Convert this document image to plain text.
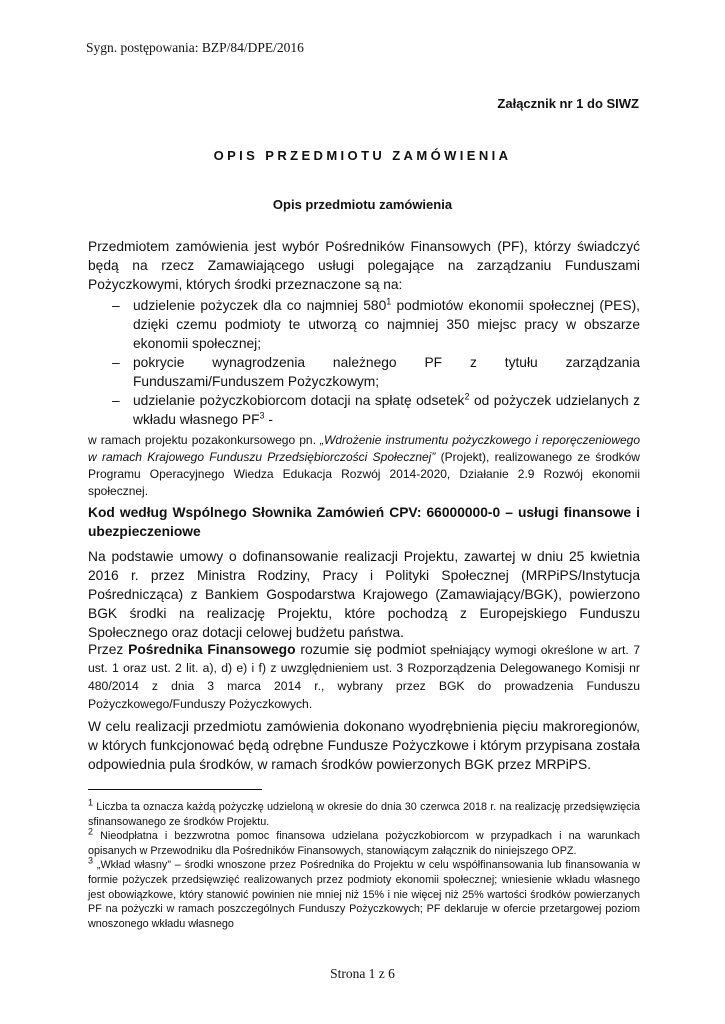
Sygn. postępowania: BZP/84/DPE/2016
Załącznik nr 1 do SIWZ
OPIS PRZEDMIOTU ZAMÓWIENIA
Opis przedmiotu zamówienia
Przedmiotem zamówienia jest wybór Pośredników Finansowych (PF), którzy świadczyć będą na rzecz Zamawiającego usługi polegające na zarządzaniu Funduszami Pożyczkowymi, których środki przeznaczone są na:
– udzielenie pożyczek dla co najmniej $580^1$ podmiotów ekonomii społecznej (PES), dzięki czemu podmioty te utworzą co najmniej 350 miejsc pracy w obszarze ekonomii społecznej;
– pokrycie wynagrodzenia należnego PF z tytułu zarządzania Funduszami/Funduszem Pożyczkowym;
– udzielanie pożyczkobiorcom dotacji na spłatę odsetek$^2$ od pożyczek udzielanych z wkładu własnego $PF^3$ -
w ramach projektu pozakonkursowego pn. „Wdrożenie instrumentu pożyczkowego i reporęczeniowego w ramach Krajowego Funduszu Przedsiębiorczości Społecznej” (Projekt), realizowanego ze środków Programu Operacyjnego Wiedza Edukacja Rozwój 2014-2020, Działanie 2.9 Rozwój ekonomii społecznej.
Kod według Wspólnego Słownika Zamówień CPV: 66000000-0 – usługi finansowe i ubezpieczeniowe
Na podstawie umowy o dofinansowanie realizacji Projektu, zawartej w dniu 25 kwietnia 2016 r. przez Ministra Rodziny, Pracy i Polityki Społecznej (MRPiPS/Instytucja Pośrednicząca) z Bankiem Gospodarstwa Krajowego (Zamawiający/BGK), powierzono BGK środki na realizację Projektu, które pochodzą z Europejskiego Funduszu Społecznego oraz dotacji celowej budżetu państwa.
Przez Pośrednika Finansowego rozumie się podmiot spełniający wymogi określone w art. 7 ust. 1 oraz ust. 2 lit. a), d) e) i f) z uwzględnieniem ust. 3 Rozporządzenia Delegowanego Komisji nr 480/2014 z dnia 3 marca 2014 r., wybrany przez BGK do prowadzenia Funduszu Pożyczkowego/Funduszy Pożyczkowych.
W celu realizacji przedmiotu zamówienia dokonano wyodrębnienia pięciu makroregionów, w których funkcjonować będą odrębne Fundusze Pożyczkowe i którym przypisana została odpowiednia pula środków, w ramach środków powierzonych BGK przez MRPiPS.

$^1$ Liczba ta oznacza każdą pożyczkę udzieloną w okresie do dnia 30 czerwca 2018 r. na realizację przedsięwzięcia sfinansowanego ze środków Projektu.

$^2$ Nieodpłatna i bezzwrotna pomoc finansowa udzielana pożyczkobiorcom w przypadkach i na warunkach opisanych w Przewodniku dla Pośredników Finansowych, stanowiącym załącznik do niniejszego OPZ.

$^3$ „Wkład własny” – środki wnoszone przez Pośrednika do Projektu w celu współfinansowania lub finansowania w formie pożyczek przedsięwzięć realizowanych przez podmioty ekonomii społecznej; wniesienie wkładu własnego jest obowiązkowe, który stanowić powinien nie mniej niż 15% i nie więcej niż 25% wartości środków powierzanych PF na pożyczki w ramach poszczególnych Funduszy Pożyczkowych; PF deklaruje w ofercie przetargowej poziom wnoszonego wkładu własnego

Strona 1 z 6
